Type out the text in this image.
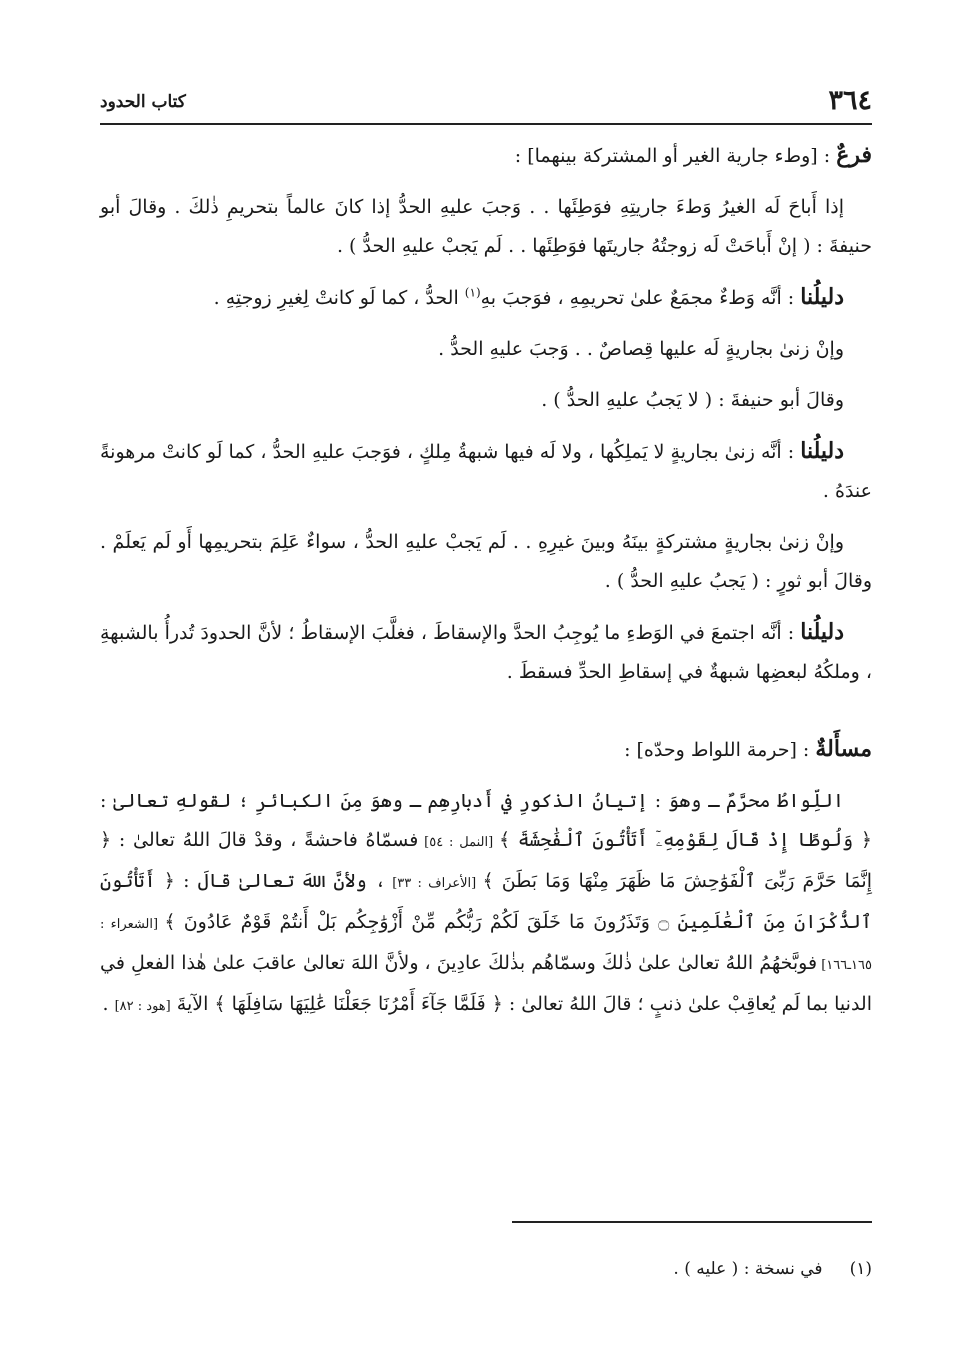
٣٦٤
كتاب الحدود

فرعٌ : [وطء جارية الغير أو المشتركة بينهما] :

إذا أَباحَ لَه الغيرُ وَطءَ جاريتِهِ فوَطِئَها . . وَجبَ عليهِ الحدُّ إذا كانَ عالماً بتحريمِ ذٰلكَ . وقالَ أبو حنيفةَ : ( إنْ أَباحَتْ لَه زوجتُهُ جاريتَها فوَطِئَها . . لَم يَجبْ عليهِ الحدُّ ) .

دليلُنا : أنَّه وَطءٌ مجمَعٌ علىٰ تحريمِهِ ، فوَجبَ بهِ$^{(١)}$ الحدُّ ، كما لَو كانتْ لِغيرِ زوجتِهِ .

وإنْ زنىٰ بجاريةٍ لَه عليها قِصاصٌ . . وَجبَ عليهِ الحدُّ .

وقالَ أبو حنيفةَ : ( لا يَجبُ عليهِ الحدُّ ) .

دليلُنا : أنَّه زنىٰ بجاريةٍ لا يَملِكُها ، ولا لَه فيها شبهةُ مِلكٍ ، فوَجبَ عليهِ الحدُّ ، كما لَو كانتْ مرهونةً عندَهُ .

وإنْ زنىٰ بجاريةٍ مشتركةٍ بينَهُ وبينَ غيرِهِ . . لَم يَجبْ عليهِ الحدُّ ، سواءٌ عَلِمَ بتحريمِها أَو لَم يَعلَمْ . وقالَ أبو ثورٍ : ( يَجبُ عليهِ الحدُّ ) .

دليلُنا : أنَّه اجتمعَ في الوَطءِ ما يُوجِبُ الحدَّ والإسقاطَ ، فغلَّبَ الإسقاطُ ؛ لأنَّ الحدودَ تُدرأُ بالشبهةِ ، وملكُهُ لبعضِها شبهةٌ في إسقاطِ الحدِّ فسقطَ .

مسأَلةٌ : [حرمة اللواط وحدّه] :

اللِّواطُ محرَّمٌ ـ وهوَ : إتيانُ الذكورِ في أَدبارِهِم ـ وهوَ مِنَ الكبائرِ ؛ لقولهِ تعالىٰ : ﴿ وَلُوطًا إِذْ قَالَ لِقَوْمِهِۦٓ أَتَأْتُونَ ٱلْفَٰحِشَةَ ﴾ [النمل : ٥٤] فسمّاهُ فاحشةً ، وقدْ قالَ اللهُ تعالىٰ : ﴿ إِنَّمَا حَرَّمَ رَبِّىَ ٱلْفَوَٰحِشَ مَا ظَهَرَ مِنْهَا وَمَا بَطَنَ ﴾ [الأعراف : ٣٣] ، ولأنَّ اللهَ تعالىٰ قالَ : ﴿ أَتَأْتُونَ ٱلذُّكْرَانَ مِنَ ٱلْعَٰلَمِينَ ۝ وَتَذَرُونَ مَا خَلَقَ لَكُمْ رَبُّكُم مِّنْ أَزْوَٰجِكُم بَلْ أَنتُمْ قَوْمٌ عَادُونَ ﴾ [الشعراء : ١٦٥ـ١٦٦] فوبَّخهُمُ اللهُ تعالىٰ علىٰ ذٰلكَ وسمّاهُم بذٰلكَ عادِينَ ، ولأنَّ اللهَ تعالىٰ عاقبَ علىٰ هٰذا الفعلِ في الدنيا بما لَم يُعاقِبْ علىٰ ذنبٍ ؛ قالَ اللهُ تعالىٰ : ﴿ فَلَمَّا جَآءَ أَمْرُنَا جَعَلْنَا عَٰلِيَهَا سَافِلَهَا ﴾ الآيةَ [هود : ٨٢] .

(١)     في نسخة : ( عليه ) .
